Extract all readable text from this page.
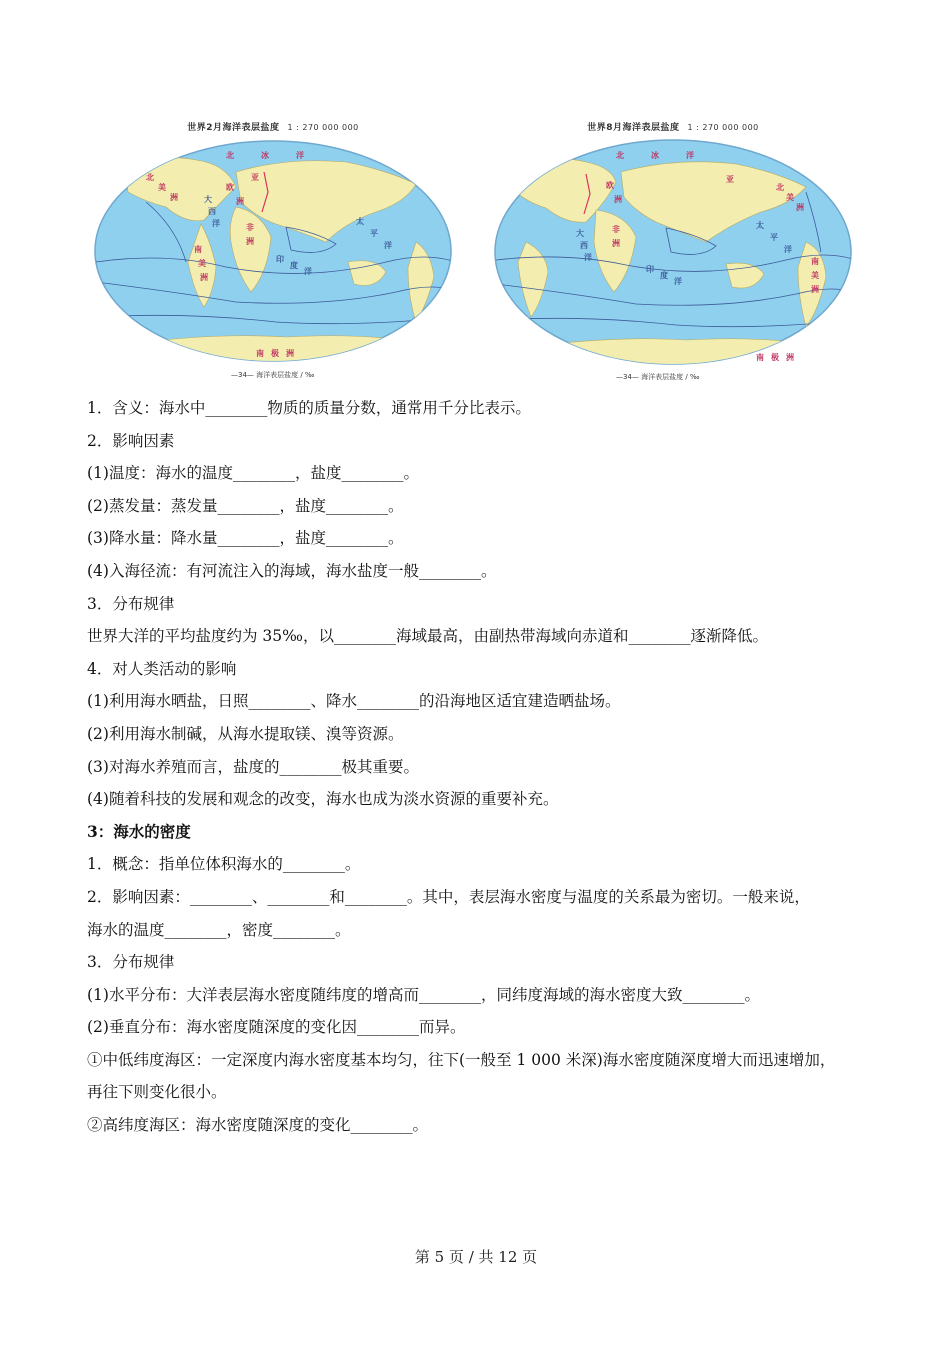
世界2月海洋表层盐度 1 : 270 000 000
北	冰	洋
亚
欧
洲
非
洲
大
西
洋	太
平
洋
印
度
洋
北
美
洲
南
美
洲
南 极 洲
—34— 海洋表层盐度 / ‰
世界8月海洋表层盐度 1 : 270 000 000
北	冰	洋
亚
欧
洲
非
洲
大
西
洋
太
平
洋
印
度
洋
北
美
洲
南
美
洲
南 极 洲
—34— 海洋表层盐度 / ‰
1．含义：海水中________物质的质量分数，通常用千分比表示。
2．影响因素
(1)温度：海水的温度________，盐度________。
(2)蒸发量：蒸发量________，盐度________。
(3)降水量：降水量________，盐度________。
(4)入海径流：有河流注入的海域，海水盐度一般________。
3．分布规律
世界大洋的平均盐度约为 35‰，以________海域最高，由副热带海域向赤道和________逐渐降低。
4．对人类活动的影响
(1)利用海水晒盐，日照________、降水________的沿海地区适宜建造晒盐场。
(2)利用海水制碱，从海水提取镁、溴等资源。
(3)对海水养殖而言，盐度的________极其重要。
(4)随着科技的发展和观念的改变，海水也成为淡水资源的重要补充。
3：海水的密度
1．概念：指单位体积海水的________。
2．影响因素：________、________和________。其中，表层海水密度与温度的关系最为密切。一般来说，
海水的温度________，密度________。
3．分布规律
(1)水平分布：大洋表层海水密度随纬度的增高而________，同纬度海域的海水密度大致________。
(2)垂直分布：海水密度随深度的变化因________而异。
①中低纬度海区：一定深度内海水密度基本均匀，往下(一般至 1 000 米深)海水密度随深度增大而迅速增加，
再往下则变化很小。
②高纬度海区：海水密度随深度的变化________。
第 5 页 / 共 12 页
